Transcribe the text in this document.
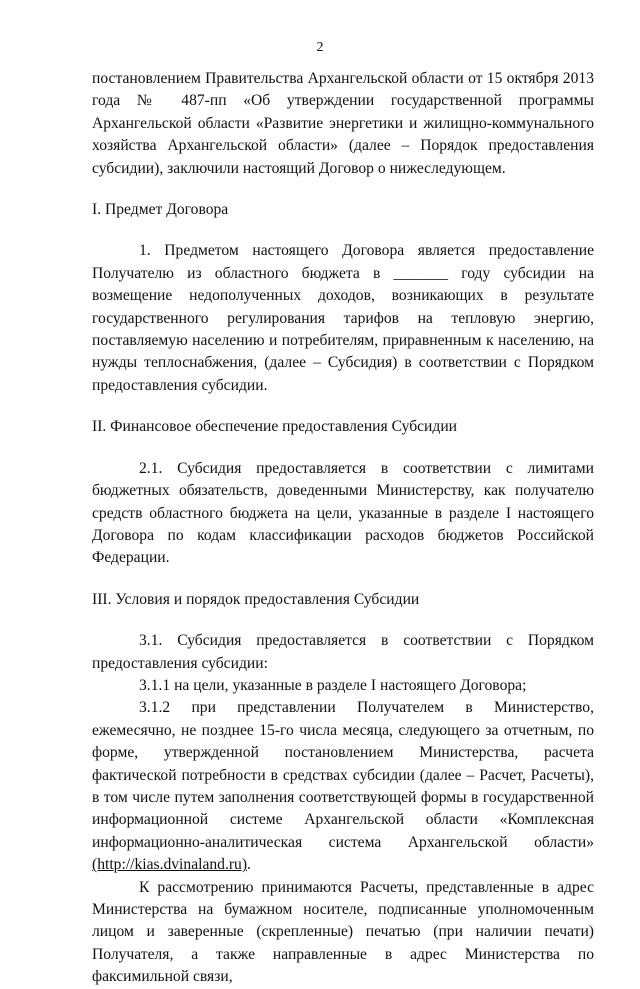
2

постановлением Правительства Архангельской области от 15 октября 2013 года № 487-пп «Об утверждении государственной программы Архангельской области «Развитие энергетики и жилищно-коммунального хозяйства Архангельской области» (далее – Порядок предоставления субсидии), заключили настоящий Договор о нижеследующем.

I. Предмет Договора

1. Предметом настоящего Договора является предоставление Получателю из областного бюджета в _______ году субсидии на возмещение недополученных доходов, возникающих в результате государственного регулирования тарифов на тепловую энергию, поставляемую населению и потребителям, приравненным к населению, на нужды теплоснабжения, (далее – Субсидия) в соответствии с Порядком предоставления субсидии.

II. Финансовое обеспечение предоставления Субсидии

2.1. Субсидия предоставляется в соответствии с лимитами бюджетных обязательств, доведенными Министерству, как получателю средств областного бюджета на цели, указанные в разделе I настоящего Договора по кодам классификации расходов бюджетов Российской Федерации.

III. Условия и порядок предоставления Субсидии

3.1. Субсидия предоставляется в соответствии с Порядком предоставления субсидии:

3.1.1 на цели, указанные в разделе I настоящего Договора;

3.1.2 при представлении Получателем в Министерство, ежемесячно, не позднее 15-го числа месяца, следующего за отчетным, по форме, утвержденной постановлением Министерства, расчета фактической потребности в средствах субсидии (далее – Расчет, Расчеты), в том числе путем заполнения соответствующей формы в государственной информационной системе Архангельской области «Комплексная информационно-аналитическая система Архангельской области» (http://kias.dvinaland.ru).

К рассмотрению принимаются Расчеты, представленные в адрес Министерства на бумажном носителе, подписанные уполномоченным лицом и заверенные (скрепленные) печатью (при наличии печати) Получателя, а также направленные в адрес Министерства по факсимильной связи,
